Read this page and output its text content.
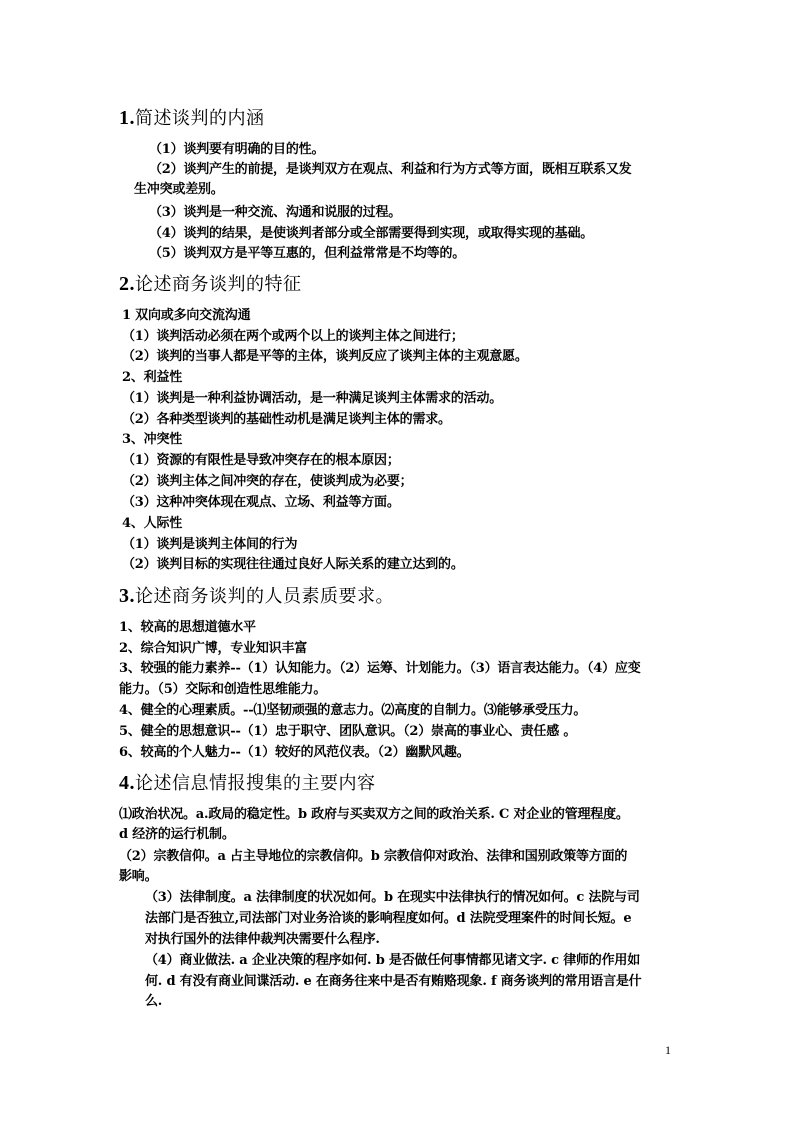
1.简述谈判的内涵
（1）谈判要有明确的目的性。
（2）谈判产生的前提，是谈判双方在观点、利益和行为方式等方面，既相互联系又发
生冲突或差别。
（3）谈判是一种交流、沟通和说服的过程。
（4）谈判的结果，是使谈判者部分或全部需要得到实现，或取得实现的基础。
（5）谈判双方是平等互惠的，但利益常常是不均等的。
2.论述商务谈判的特征
1 双向或多向交流沟通
（1）谈判活动必须在两个或两个以上的谈判主体之间进行；
（2）谈判的当事人都是平等的主体，谈判反应了谈判主体的主观意愿。
2、利益性
（1）谈判是一种利益协调活动，是一种满足谈判主体需求的活动。
（2）各种类型谈判的基础性动机是满足谈判主体的需求。
3、冲突性
（1）资源的有限性是导致冲突存在的根本原因；
（2）谈判主体之间冲突的存在，使谈判成为必要；
（3）这种冲突体现在观点、立场、利益等方面。
4、人际性
（1）谈判是谈判主体间的行为
（2）谈判目标的实现往往通过良好人际关系的建立达到的。
3.论述商务谈判的人员素质要求。
1、较高的思想道德水平
2、综合知识广博，专业知识丰富
3、较强的能力素养--（1）认知能力。（2）运筹、计划能力。（3）语言表达能力。（4）应变
能力。（5）交际和创造性思维能力。
4、健全的心理素质。--⑴坚韧顽强的意志力。⑵高度的自制力。⑶能够承受压力。
5、健全的思想意识--（1）忠于职守、团队意识。（2）崇高的事业心、责任感 。
6、较高的个人魅力--（1）较好的风范仪表。（2）幽默风趣。
4.论述信息情报搜集的主要内容
⑴政治状况。a.政局的稳定性。b 政府与买卖双方之间的政治关系. C 对企业的管理程度。
d 经济的运行机制。
（2）宗教信仰。a 占主导地位的宗教信仰。b 宗教信仰对政治、法律和国别政策等方面的
影响。
（3）法律制度。a 法律制度的状况如何。b 在现实中法律执行的情况如何。c 法院与司
法部门是否独立,司法部门对业务洽谈的影响程度如何。d 法院受理案件的时间长短。e
对执行国外的法律仲裁判决需要什么程序.
（4）商业做法. a 企业决策的程序如何. b 是否做任何事情都见诸文字. c 律师的作用如
何. d 有没有商业间谍活动. e 在商务往来中是否有贿赂现象. f 商务谈判的常用语言是什
么.
1
